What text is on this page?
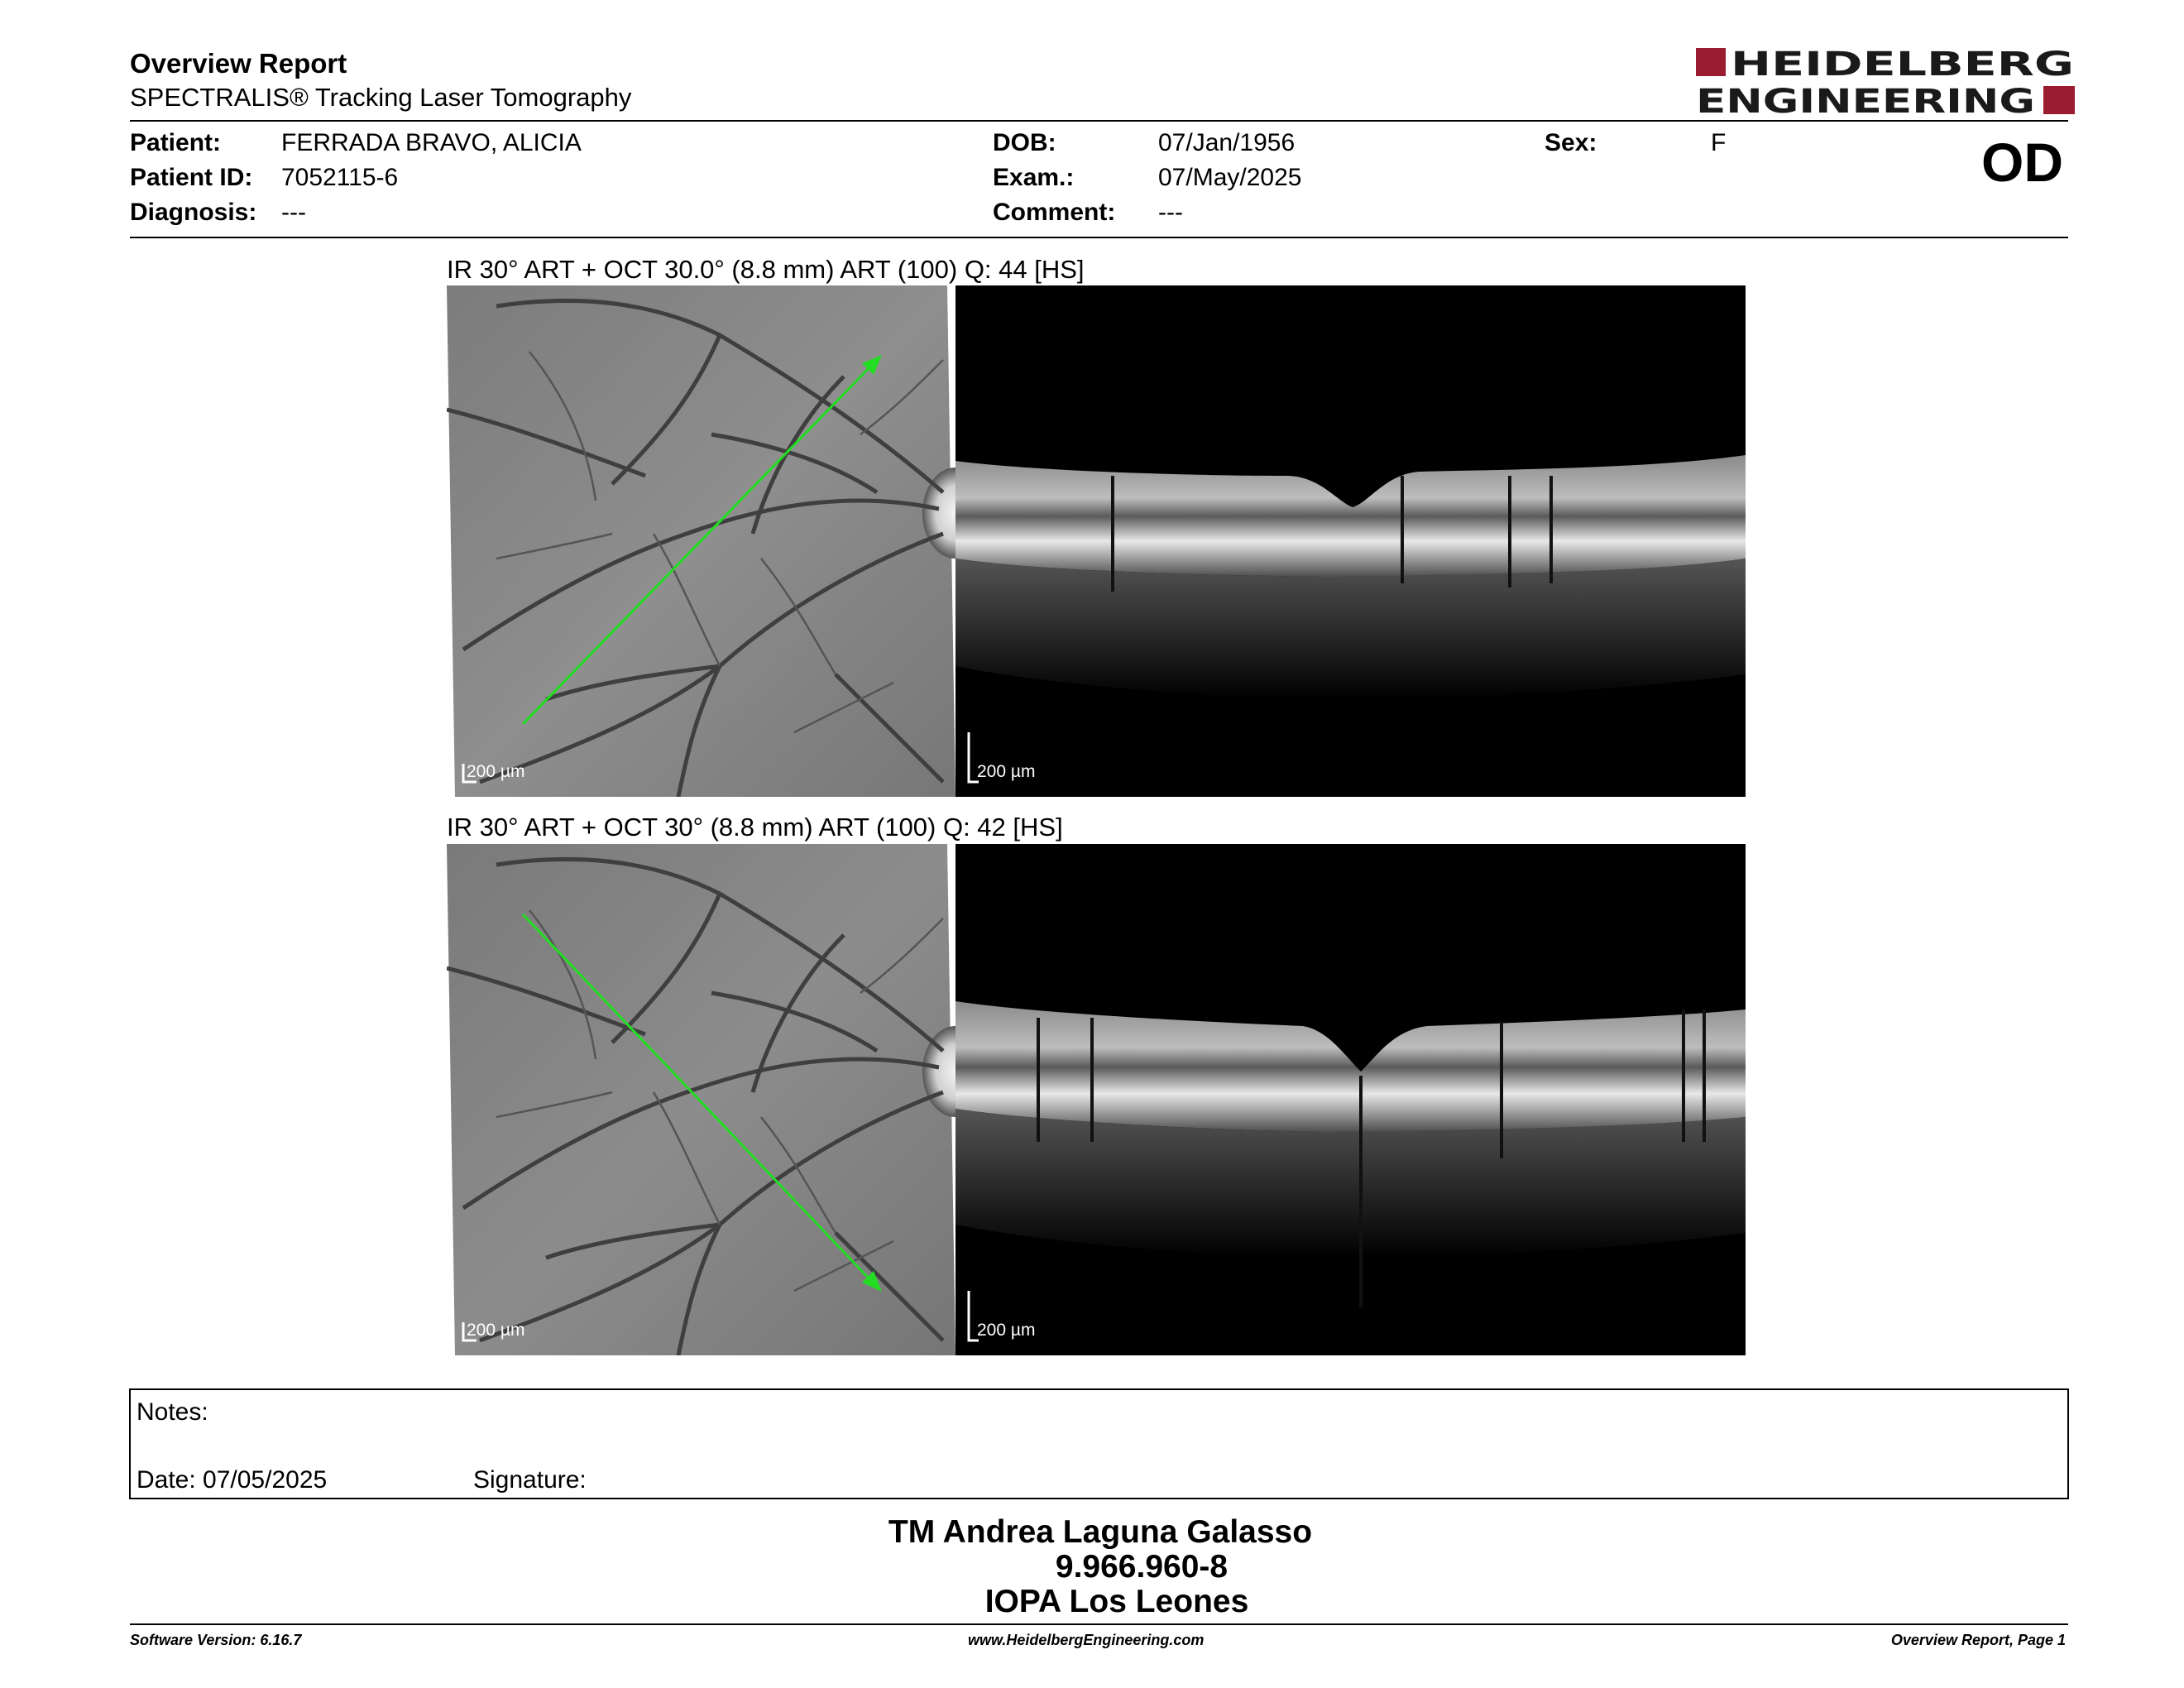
Overview Report
SPECTRALIS® Tracking Laser Tomography
HEIDELBERG
ENGINEERING
Patient: FERRADA BRAVO, ALICIA
Patient ID: 7052115-6
Diagnosis: ---
DOB:	07/Jan/1956
Exam.:	07/May/2025
Comment: ---
Sex:	F	OD
IR 30° ART + OCT 30.0° (8.8 mm) ART (100) Q: 44 [HS]
200 µm	200 µm
IR 30° ART + OCT 30° (8.8 mm) ART (100) Q: 42 [HS]
200 µm	200 µm
Notes:
Date: 07/05/2025	Signature:
TM Andrea Laguna Galasso
9.966.960-8
IOPA Los Leones
Software Version: 6.16.7	www.HeidelbergEngineering.com	Overview Report, Page 1
